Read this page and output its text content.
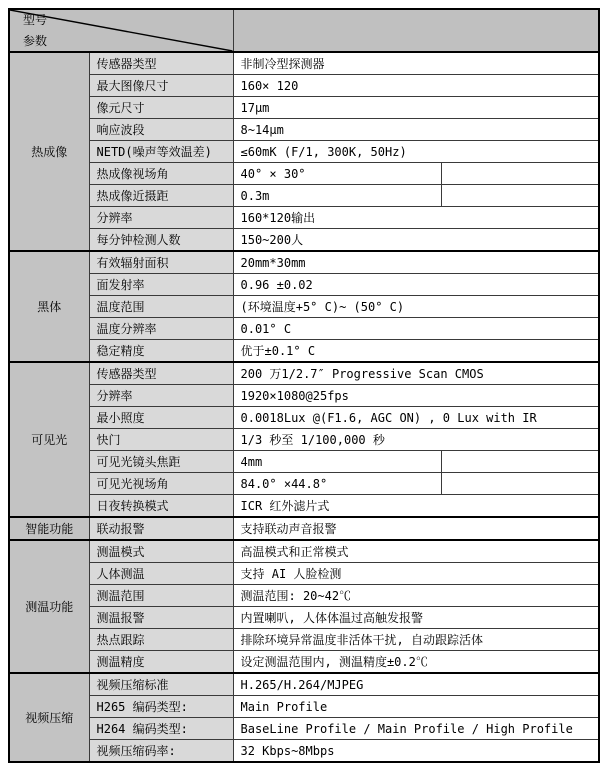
型号
参数			

热成像	传感器类型	非制冷型探测器	
	最大图像尺寸	160× 120	
	像元尺寸	17μm	
	响应波段	8~14μm	
	NETD(噪声等效温差)	≤60mK (F/1, 300K, 50Hz)	
	热成像视场角	40° × 30°	
	热成像近摄距	0.3m	
	分辨率	160*120输出	
	每分钟检测人数	150~200人	
黑体	有效辐射面积	20mm*30mm	
	面发射率	0.96 ±0.02	
	温度范围	(环境温度+5° C)~ (50° C)	
	温度分辨率	0.01° C	
	稳定精度	优于±0.1° C	
可见光	传感器类型	200 万1/2.7″ Progressive Scan CMOS	
	分辨率	1920×1080@25fps	
	最小照度	0.0018Lux @(F1.6, AGC ON) , 0 Lux with IR	
	快门	1/3 秒至 1/100,000 秒	
	可见光镜头焦距	4mm	
	可见光视场角	84.0° ×44.8°	
	日夜转换模式	ICR 红外滤片式	
智能功能	联动报警	支持联动声音报警	
测温功能	测温模式	高温模式和正常模式	
	人体测温	支持 AI 人脸检测	
	测温范围	测温范围: 20~42℃	
	测温报警	内置喇叭, 人体体温过高触发报警	
	热点跟踪	排除环境异常温度非活体干扰, 自动跟踪活体	
	测温精度	设定测温范围内, 测温精度±0.2℃	
视频压缩	视频压缩标准	H.265/H.264/MJPEG	
	H265 编码类型:	Main Profile	
	H264 编码类型:	BaseLine Profile / Main Profile / High Profile	
	视频压缩码率:	32 Kbps~8Mbps	
